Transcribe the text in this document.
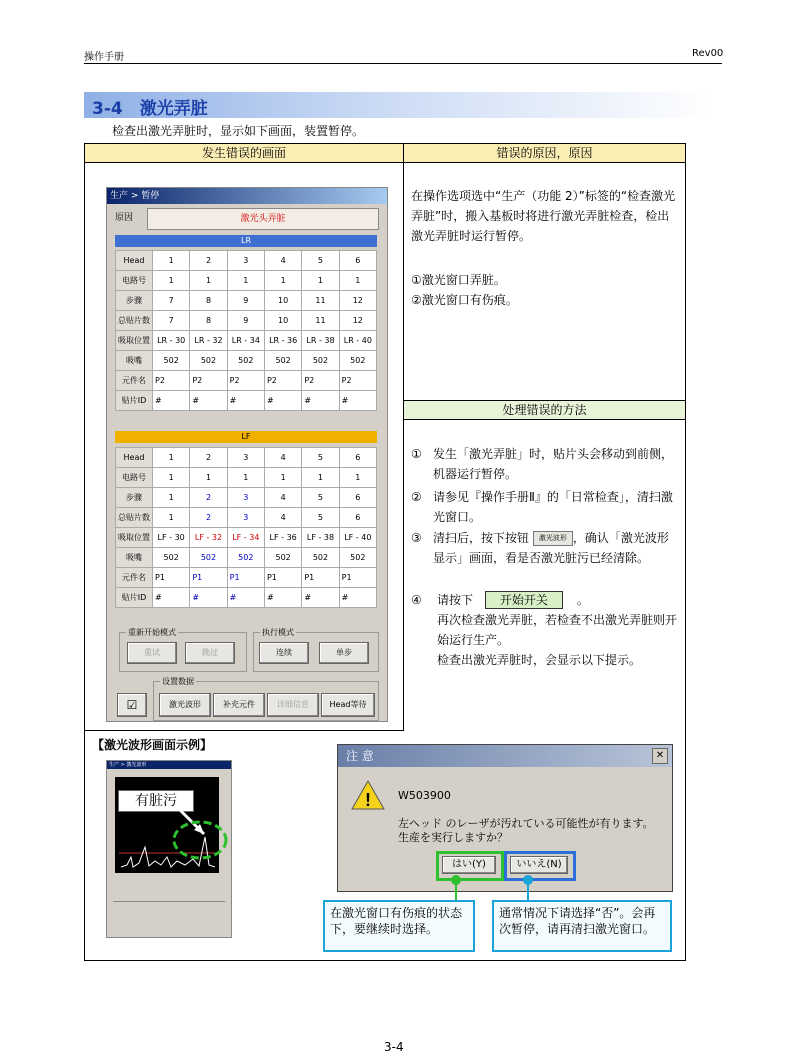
操作手册	Rev00
3-4　激光弄脏
检查出激光弄脏时，显示如下画面，装置暂停。
发生错误的画面	错误的原因，原因
在操作选项选中“生产（功能 2）”标签的“检查激光弄脏”时，搬入基板时将进行激光弄脏检查，检出激光弄脏时运行暂停。
①激光窗口弄脏。
②激光窗口有伤痕。
处理错误的方法
① 发生「激光弄脏」时，贴片头会移动到前侧，机器运行暂停。
② 请参见『操作手册Ⅱ』的「日常检查」，清扫激光窗口。
③ 清扫后，按下按钮 激光波形 ，确认「激光波形显示」画面，看是否激光脏污已经清除。
④	请按下 开始开关 。
再次检查激光弄脏，若检查不出激光弄脏则开始运行生产。
检查出激光弄脏时，会显示以下提示。
生产 > 暂停
原因	激光头弄脏
LR
Head	1	2	3	4	5	6
电路号	1	1	1	1	1	1
步骤	7	8	9	10	11	12
总贴片数	7	8	9	10	11	12
吸取位置	LR - 30	LR - 32	LR - 34	LR - 36	LR - 38	LR - 40
吸嘴	502	502	502	502	502	502
元件名	P2	P2	P2	P2	P2	P2
贴片ID	#	#	#	#	#	#
LF
Head	1	2	3	4	5	6
电路号	1	1	1	1	1	1
步骤	1	2	3	4	5	6
总贴片数	1	2	3	4	5	6
吸取位置	LF - 30	LF - 32	LF - 34	LF - 36	LF - 38	LF - 40
吸嘴	502	502	502	502	502	502
元件名	P1	P1	P1	P1	P1	P1
贴片ID	#	#	#	#	#	#
重新开始模式
重试	跳过
执行模式
连续	单步
☑
设置数据
激光波形	补充元件	详细信息	Head等待
【激光波形画面示例】
生产 > 激光波形
有脏污
注 意	✕
! W503900
左ヘッド のレーザが汚れている可能性が有ります。
生産を実行しますか？
はい(Y)	いいえ(N)
在激光窗口有伤痕的状态下，要继续时选择。
通常情况下请选择“否”。会再次暂停，请再清扫激光窗口。
3-4
